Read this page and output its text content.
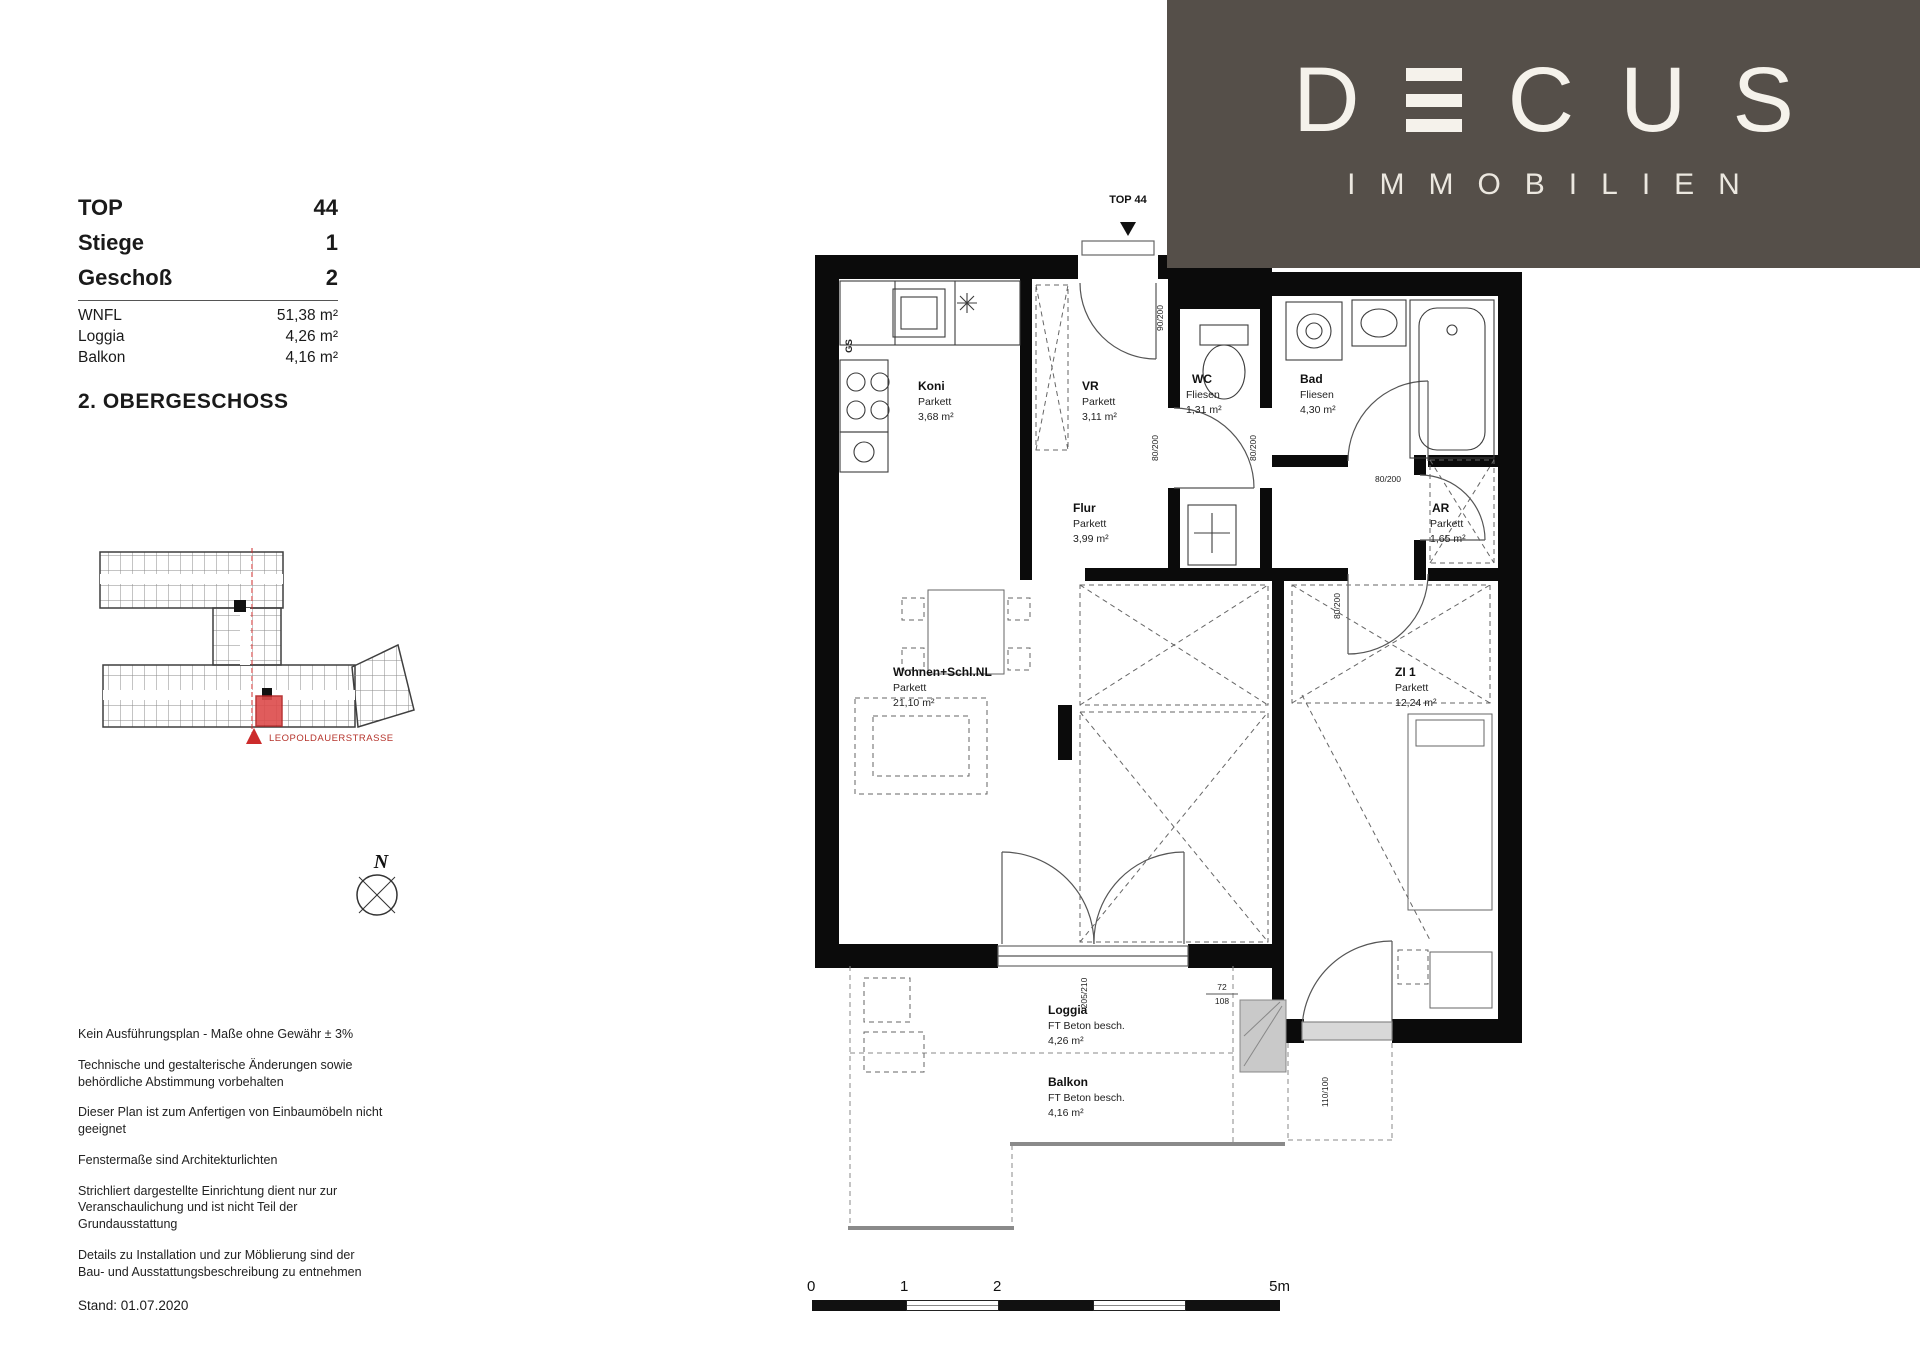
Koni
Parkett
3,68 m²
VR
Parkett
3,11 m²
WC
Fliesen
1,31 m²
Bad
Fliesen
4,30 m²
Flur
Parkett
3,99 m²
AR
Parkett
1,65 m²
Wohnen+Schl.NL
Parkett
21,10 m²
ZI 1
Parkett
12,24 m²
Loggia
FT Beton besch.
4,26 m²
Balkon
FT Beton besch.
4,16 m²
90/200
80/200	80/200
80/200
80/200
205/210	72
108
110/100
GS
TOP 44
LEOPOLDAUERSTRASSE
N
D C U S
IMMOBILIEN
TOP	44
Stiege	1
Geschoß	2
WNFL	51,38 m²
Loggia	4,26 m²
Balkon	4,16 m²
2. OBERGESCHOSS

Kein Ausführungsplan - Maße ohne Gewähr ± 3%

Technische und gestalterische Änderungen sowie behördliche Abstimmung vorbehalten

Dieser Plan ist zum Anfertigen von Einbaumöbeln nicht geeignet

Fenstermaße sind Architekturlichten

Strichliert dargestellte Einrichtung dient nur zur Veranschaulichung und ist nicht Teil der Grundausstattung

Details zu Installation und zur Möblierung sind der Bau- und Ausstattungsbeschreibung zu entnehmen

Stand: 01.07.2020
0	1	2	5m
